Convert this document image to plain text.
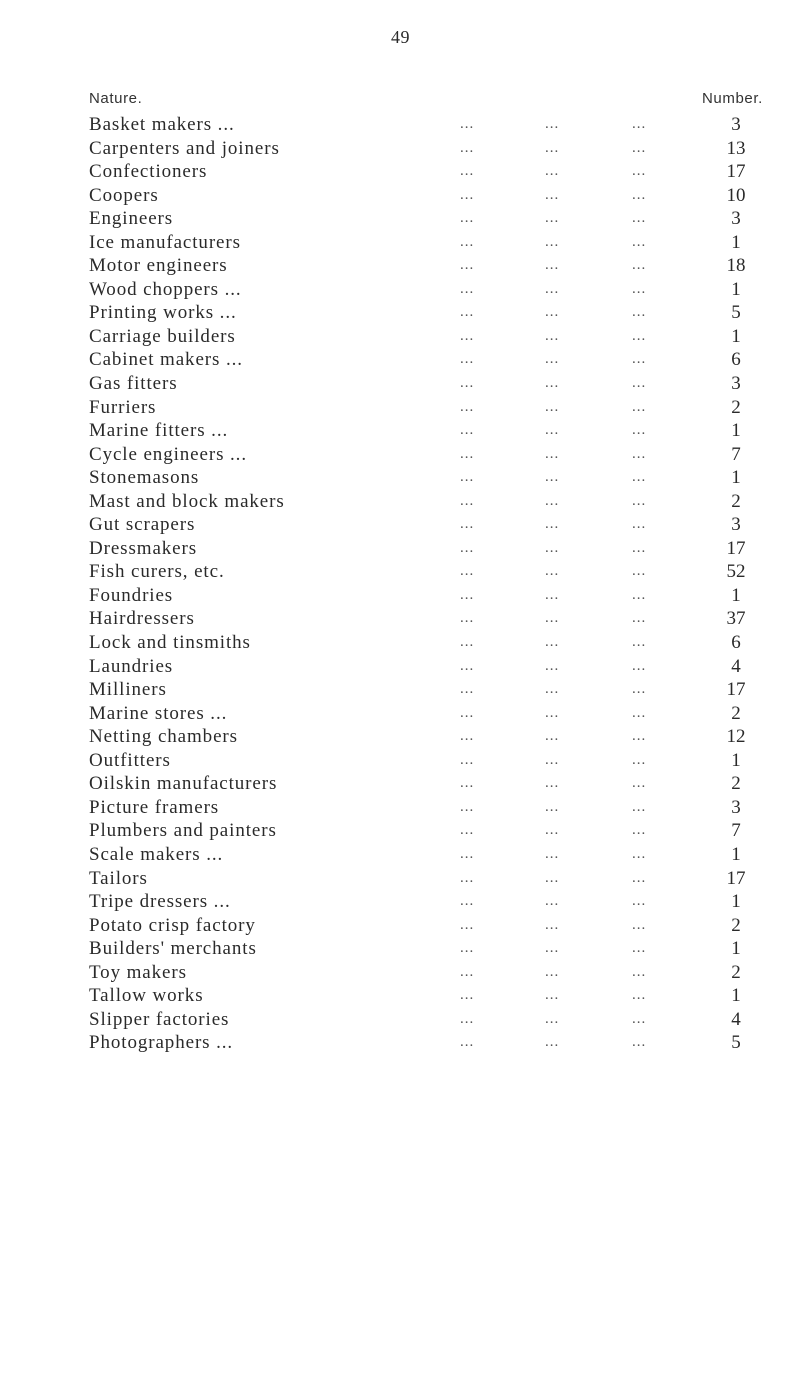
49
Nature.	Number.
Basket makers ...	...	...	...	3
Carpenters and joiners	...	...	...	13
Confectioners	...	...	...	17
Coopers	...	...	...	10
Engineers	...	...	...	3
Ice manufacturers	...	...	...	1
Motor engineers	...	...	...	18
Wood choppers ...	...	...	...	1
Printing works ...	...	...	...	5
Carriage builders	...	...	...	1
Cabinet makers ...	...	...	...	6
Gas fitters	...	...	...	3
Furriers	...	...	...	2
Marine fitters ...	...	...	...	1
Cycle engineers ...	...	...	...	7
Stonemasons	...	...	...	1
Mast and block makers	...	...	...	2
Gut scrapers	...	...	...	3
Dressmakers	...	...	...	17
Fish curers, etc.	...	...	...	52
Foundries	...	...	...	1
Hairdressers	...	...	...	37
Lock and tinsmiths	...	...	...	6
Laundries	...	...	...	4
Milliners	...	...	...	17
Marine stores ...	...	...	...	2
Netting chambers	...	...	...	12
Outfitters	...	...	...	1
Oilskin manufacturers	...	...	...	2
Picture framers	...	...	...	3
Plumbers and painters	...	...	...	7
Scale makers ...	...	...	...	1
Tailors	...	...	...	17
Tripe dressers ...	...	...	...	1
Potato crisp factory	...	...	...	2
Builders' merchants	...	...	...	1
Toy makers	...	...	...	2
Tallow works	...	...	...	1
Slipper factories	...	...	...	4
Photographers ...	...	...	...	5
